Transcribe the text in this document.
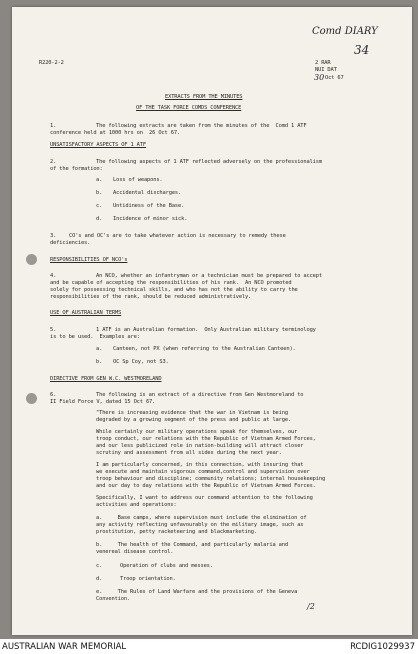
R220-2-2
Comd DIARY
34
2 RAR
NUI DAT
30 Oct 67
EXTRACTS FROM THE MINUTES
OF THE TASK FORCE COMDS CONFERENCE
1.	The following extracts are taken from the minutes of the  Comd 1 ATF
conference held at 1000 hrs on  26 Oct 67.
UNSATISFACTORY ASPECTS OF 1 ATF
2.	The following aspects of 1 ATF reflected adversely on the professionalism
of the formation:
a. Loss of weapons.
b. Accidental discharges.
c. Untidiness of the Base.
d. Incidence of minor sick.
3. CO's and OC's are to take whatever action is necessary to remedy these
deficiencies.
RESPONSIBILITIES OF NCO's
4.	An NCO, whether an infantryman or a technician must be prepared to accept
and be capable of accepting the responsibilities of his rank.  An NCO promoted
solely for possessing technical skills, and who has not the ability to carry the
responsibilities of the rank, should be reduced administratively.
USE OF AUSTRALIAN TERMS
5.	1 ATF is an Australian formation.  Only Australian military terminology
is to be used.  Examples are:
a. Canteen, not PX (when referring to the Australian Canteen).
b. OC Sp Coy, not S3.
DIRECTIVE FROM GEN W.C. WESTMORELAND
6.	The following is an extract of a directive from Gen Westmoreland to
II Field Force V, dated 15 Oct 67.
"There is increasing evidence that the war in Vietnam is being
degraded by a growing segment of the press and public at large.
While certainly our military operations speak for themselves, our
troop conduct, our relations with the Republic of Vietnam Armed Forces,
and our less publicized role in nation-building will attract closer
scrutiny and assessment from all sides during the next year.
I am particularly concerned, in this connection, with insuring that
we execute and maintain vigorous command,control and supervision over
troop behaviour and discipline; community relations; internal housekeeping
and our day to day relations with the Republic of Vietnam Armed Forces.
Specifically, I want to address our command attention to the following
activities and operations:
a.     Base camps, where supervision must include the elimination of
any activity reflecting unfavourably on the military image, such as
prostitution, petty racketeering and blackmarketing.
b.     The health of the Command, and particularly malaria and
venereal disease control.
c.	Operation of clubs and messes.
d.	Troop orientation.
e.     The Rules of Land Warfare and the provisions of the Geneva
Convention.
/2
AUSTRALIAN WAR MEMORIAL	RCDIG1029937
